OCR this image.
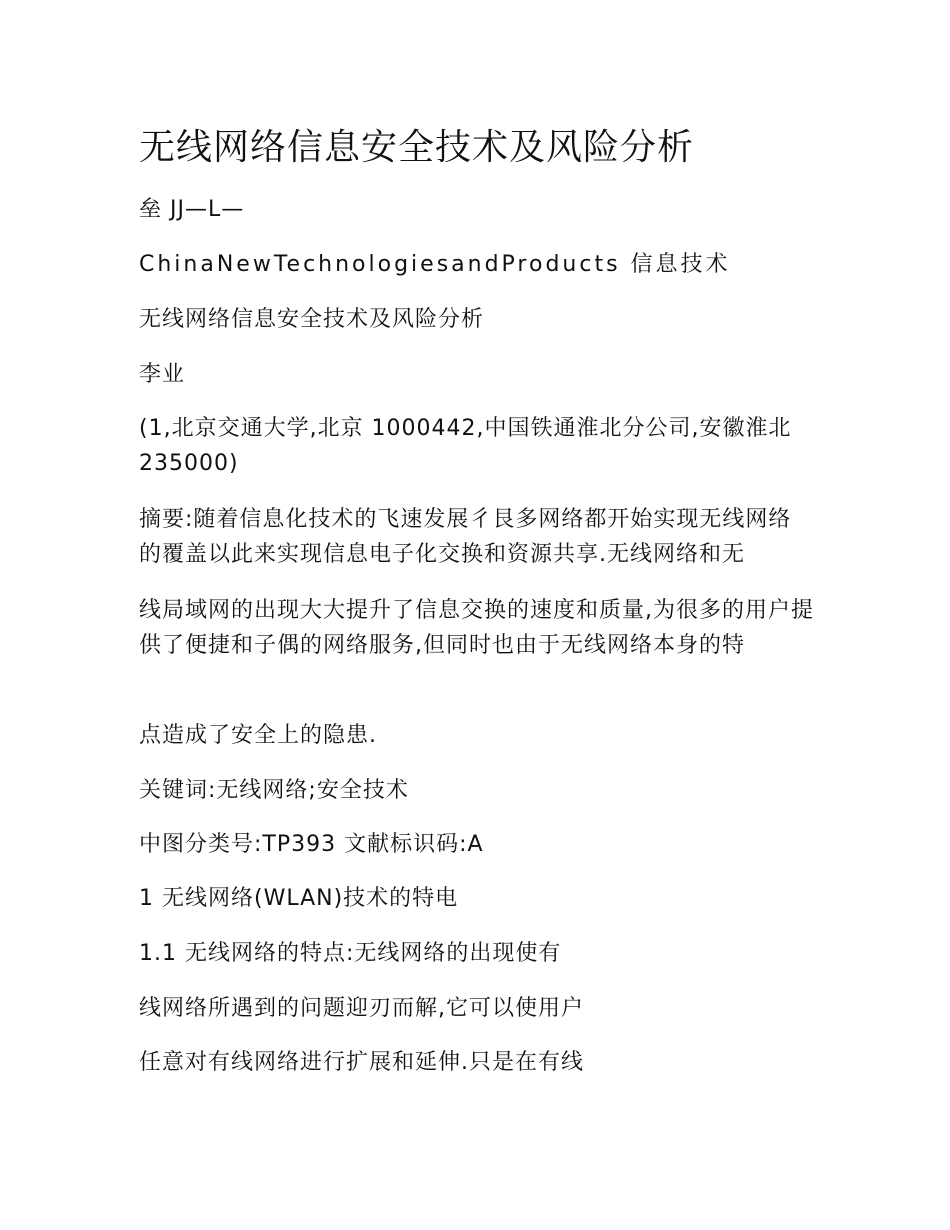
无线网络信息安全技术及风险分析

垒 JJ—L—

ChinaNewTechnologiesandProducts 信息技术

无线网络信息安全技术及风险分析

李业

(1,北京交通大学,北京 1000442,中国铁通淮北分公司,安徽淮北 235000)

摘要:随着信息化技术的飞速发展彳艮多网络都开始实现无线网络的覆盖以此来实现信息电子化交换和资源共享.无线网络和无

线局域网的出现大大提升了信息交换的速度和质量,为很多的用户提供了便捷和子偶的网络服务,但同时也由于无线网络本身的特

点造成了安全上的隐患.

关键词:无线网络;安全技术

中图分类号:TP393 文献标识码:A

1 无线网络(WLAN)技术的特电

1.1 无线网络的特点:无线网络的出现使有

线网络所遇到的问题迎刃而解,它可以使用户

任意对有线网络进行扩展和延伸.只是在有线
